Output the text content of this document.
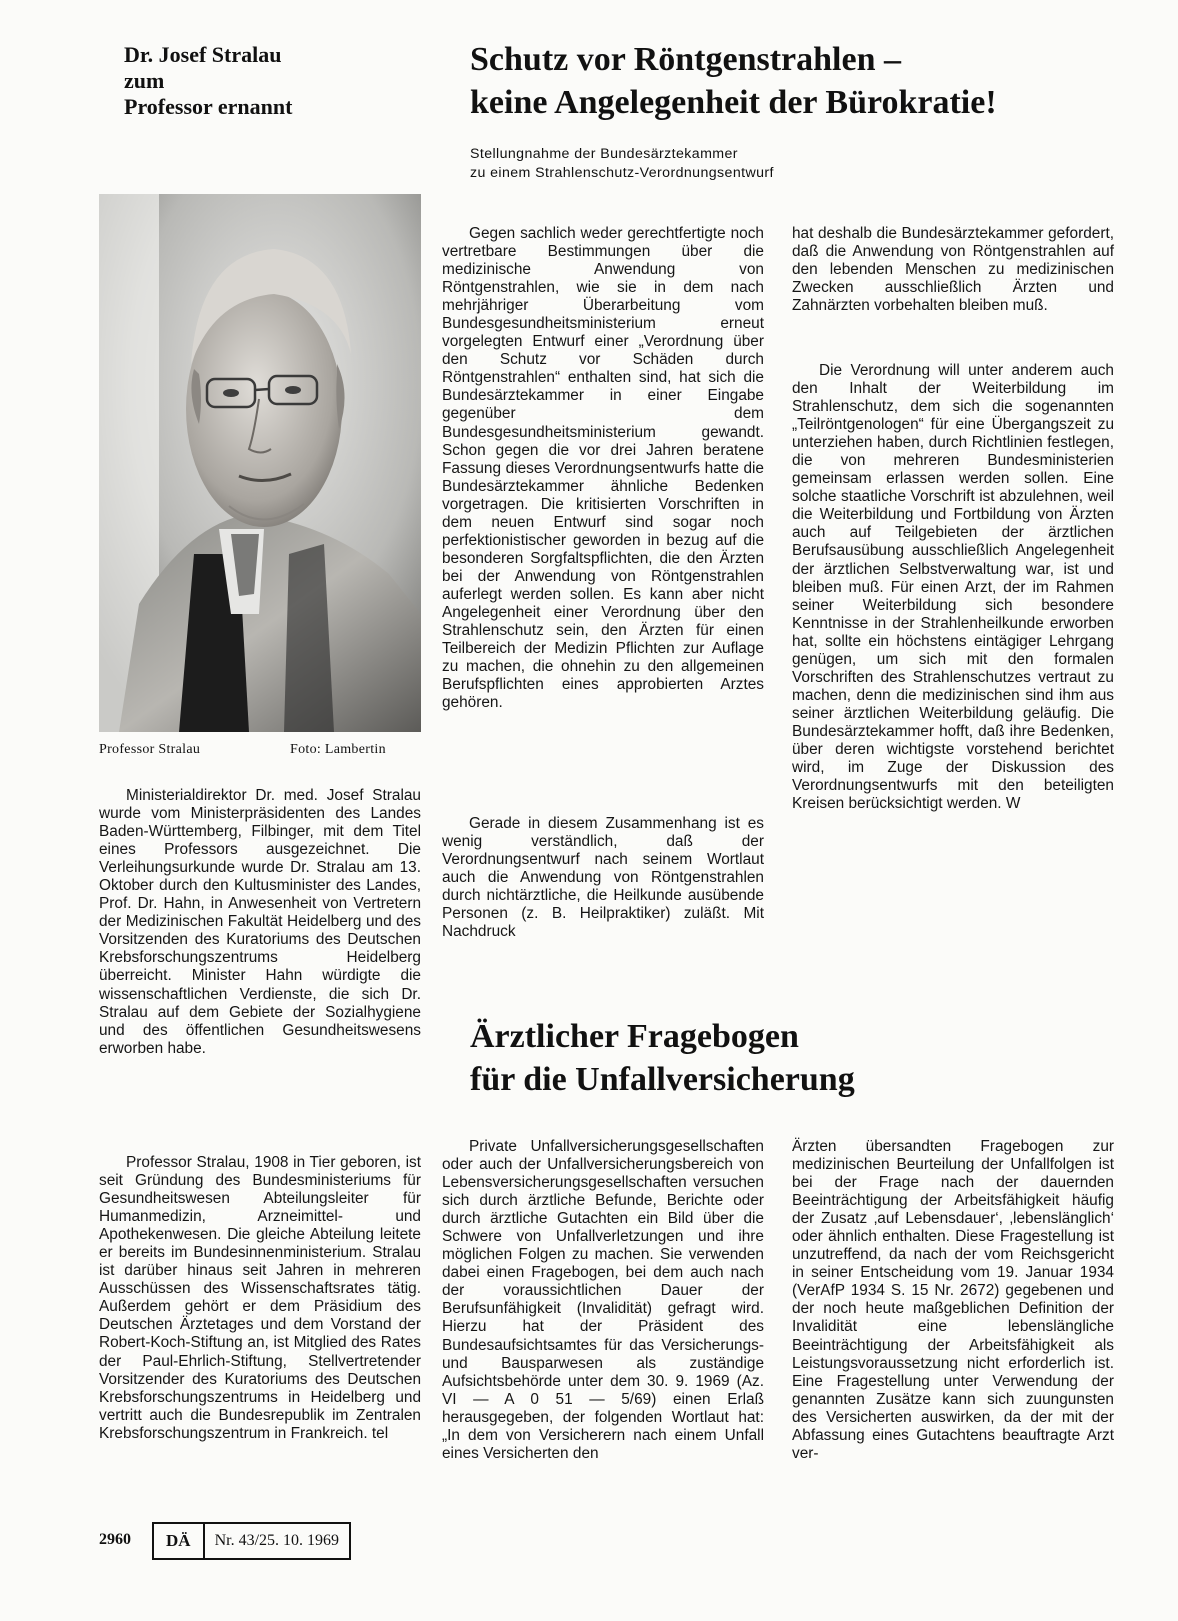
Dr. Josef Stralau
zum
Professor ernannt
Schutz vor Röntgenstrahlen –
keine Angelegenheit der Bürokratie!
Stellungnahme der Bundesärztekammer
zu einem Strahlenschutz-Verordnungsentwurf
Professor Stralau	Foto: Lambertin

Ministerialdirektor Dr. med. Josef Stralau wurde vom Ministerpräsidenten des Landes Baden-Württemberg, Filbinger, mit dem Titel eines Professors ausgezeichnet. Die Verleihungsurkunde wurde Dr. Stralau am 13. Oktober durch den Kultusminister des Landes, Prof. Dr. Hahn, in Anwesenheit von Vertretern der Medizinischen Fakultät Heidelberg und des Vorsitzenden des Kuratoriums des Deutschen Krebsforschungszentrums Heidelberg überreicht. Minister Hahn würdigte die wissenschaftlichen Verdienste, die sich Dr. Stralau auf dem Gebiete der Sozialhygiene und des öffentlichen Gesundheitswesens erworben habe.

Professor Stralau, 1908 in Tier geboren, ist seit Gründung des Bundesministeriums für Gesundheitswesen Abteilungsleiter für Humanmedizin, Arzneimittel- und Apothekenwesen. Die gleiche Abteilung leitete er bereits im Bundesinnenministerium. Stralau ist darüber hinaus seit Jahren in mehreren Ausschüssen des Wissenschaftsrates tätig. Außerdem gehört er dem Präsidium des Deutschen Ärztetages und dem Vorstand der Robert-Koch-Stiftung an, ist Mitglied des Rates der Paul-Ehrlich-Stiftung, Stellvertretender Vorsitzender des Kuratoriums des Deutschen Krebsforschungszentrums in Heidelberg und vertritt auch die Bundesrepublik im Zentralen Krebsforschungszentrum in Frankreich. tel

Gegen sachlich weder gerechtfertigte noch vertretbare Bestimmungen über die medizinische Anwendung von Röntgenstrahlen, wie sie in dem nach mehrjähriger Überarbeitung vom Bundesgesundheitsministerium erneut vorgelegten Entwurf einer „Verordnung über den Schutz vor Schäden durch Röntgenstrahlen“ enthalten sind, hat sich die Bundesärztekammer in einer Eingabe gegenüber dem Bundesgesundheitsministerium gewandt. Schon gegen die vor drei Jahren beratene Fassung dieses Verordnungsentwurfs hatte die Bundesärztekammer ähnliche Bedenken vorgetragen. Die kritisierten Vorschriften in dem neuen Entwurf sind sogar noch perfektionistischer geworden in bezug auf die besonderen Sorgfaltspflichten, die den Ärzten bei der Anwendung von Röntgenstrahlen auferlegt werden sollen. Es kann aber nicht Angelegenheit einer Verordnung über den Strahlenschutz sein, den Ärzten für einen Teilbereich der Medizin Pflichten zur Auflage zu machen, die ohnehin zu den allgemeinen Berufspflichten eines approbierten Arztes gehören.

Gerade in diesem Zusammenhang ist es wenig verständlich, daß der Verordnungsentwurf nach seinem Wortlaut auch die Anwendung von Röntgenstrahlen durch nichtärztliche, die Heilkunde ausübende Personen (z. B. Heilpraktiker) zuläßt. Mit Nachdruck

hat deshalb die Bundesärztekammer gefordert, daß die Anwendung von Röntgenstrahlen auf den lebenden Menschen zu medizinischen Zwecken ausschließlich Ärzten und Zahnärzten vorbehalten bleiben muß.

Die Verordnung will unter anderem auch den Inhalt der Weiterbildung im Strahlenschutz, dem sich die sogenannten „Teilröntgenologen“ für eine Übergangszeit zu unterziehen haben, durch Richtlinien festlegen, die von mehreren Bundesministerien gemeinsam erlassen werden sollen. Eine solche staatliche Vorschrift ist abzulehnen, weil die Weiterbildung und Fortbildung von Ärzten auch auf Teilgebieten der ärztlichen Berufsausübung ausschließlich Angelegenheit der ärztlichen Selbstverwaltung war, ist und bleiben muß. Für einen Arzt, der im Rahmen seiner Weiterbildung sich besondere Kenntnisse in der Strahlenheilkunde erworben hat, sollte ein höchstens eintägiger Lehrgang genügen, um sich mit den formalen Vorschriften des Strahlenschutzes vertraut zu machen, denn die medizinischen sind ihm aus seiner ärztlichen Weiterbildung geläufig. Die Bundesärztekammer hofft, daß ihre Bedenken, über deren wichtigste vorstehend berichtet wird, im Zuge der Diskussion des Verordnungsentwurfs mit den beteiligten Kreisen berücksichtigt werden. W

Ärztlicher Fragebogen
für die Unfallversicherung

Private Unfallversicherungsgesellschaften oder auch der Unfallversicherungsbereich von Lebensversicherungsgesellschaften versuchen sich durch ärztliche Befunde, Berichte oder durch ärztliche Gutachten ein Bild über die Schwere von Unfallverletzungen und ihre möglichen Folgen zu machen. Sie verwenden dabei einen Fragebogen, bei dem auch nach der voraussichtlichen Dauer der Berufsunfähigkeit (Invalidität) gefragt wird. Hierzu hat der Präsident des Bundesaufsichtsamtes für das Versicherungs- und Bausparwesen als zuständige Aufsichtsbehörde unter dem 30. 9. 1969 (Az. VI — A 0 51 — 5/69) einen Erlaß herausgegeben, der folgenden Wortlaut hat: „In dem von Versicherern nach einem Unfall eines Versicherten den

Ärzten übersandten Fragebogen zur medizinischen Beurteilung der Unfallfolgen ist bei der Frage nach der dauernden Beeinträchtigung der Arbeitsfähigkeit häufig der Zusatz ‚auf Lebensdauer‘, ‚lebenslänglich‘ oder ähnlich enthalten. Diese Fragestellung ist unzutreffend, da nach der vom Reichsgericht in seiner Entscheidung vom 19. Januar 1934 (VerAfP 1934 S. 15 Nr. 2672) gegebenen und der noch heute maßgeblichen Definition der Invalidität eine lebenslängliche Beeinträchtigung der Arbeitsfähigkeit als Leistungsvoraussetzung nicht erforderlich ist. Eine Fragestellung unter Verwendung der genannten Zusätze kann sich zuungunsten des Versicherten auswirken, da der mit der Abfassung eines Gutachtens beauftragte Arzt ver-

2960	DÄ	Nr. 43/25. 10. 1969
